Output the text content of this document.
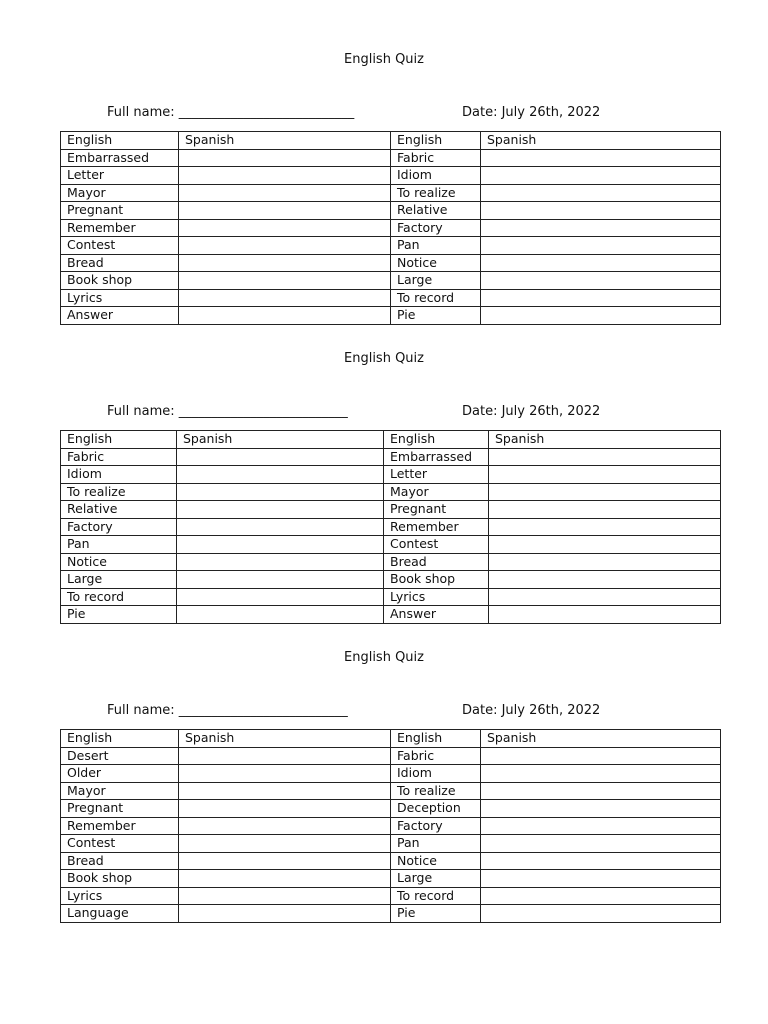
English Quiz
Full name: ___________________________	Date: July 26th, 2022
English	Spanish	English	Spanish
Embarrassed		Fabric	
Letter		Idiom	
Mayor		To realize	
Pregnant		Relative	
Remember		Factory	
Contest		Pan	
Bread		Notice	
Book shop		Large	
Lyrics		To record	
Answer		Pie	
English Quiz
Full name: __________________________	Date: July 26th, 2022
English	Spanish	English	Spanish
Fabric		Embarrassed	
Idiom		Letter	
To realize		Mayor	
Relative		Pregnant	
Factory		Remember	
Pan		Contest	
Notice		Bread	
Large		Book shop	
To record		Lyrics	
Pie		Answer	
English Quiz
Full name: __________________________	Date: July 26th, 2022
English	Spanish	English	Spanish
Desert		Fabric	
Older		Idiom	
Mayor		To realize	
Pregnant		Deception	
Remember		Factory	
Contest		Pan	
Bread		Notice	
Book shop		Large	
Lyrics		To record	
Language		Pie	
